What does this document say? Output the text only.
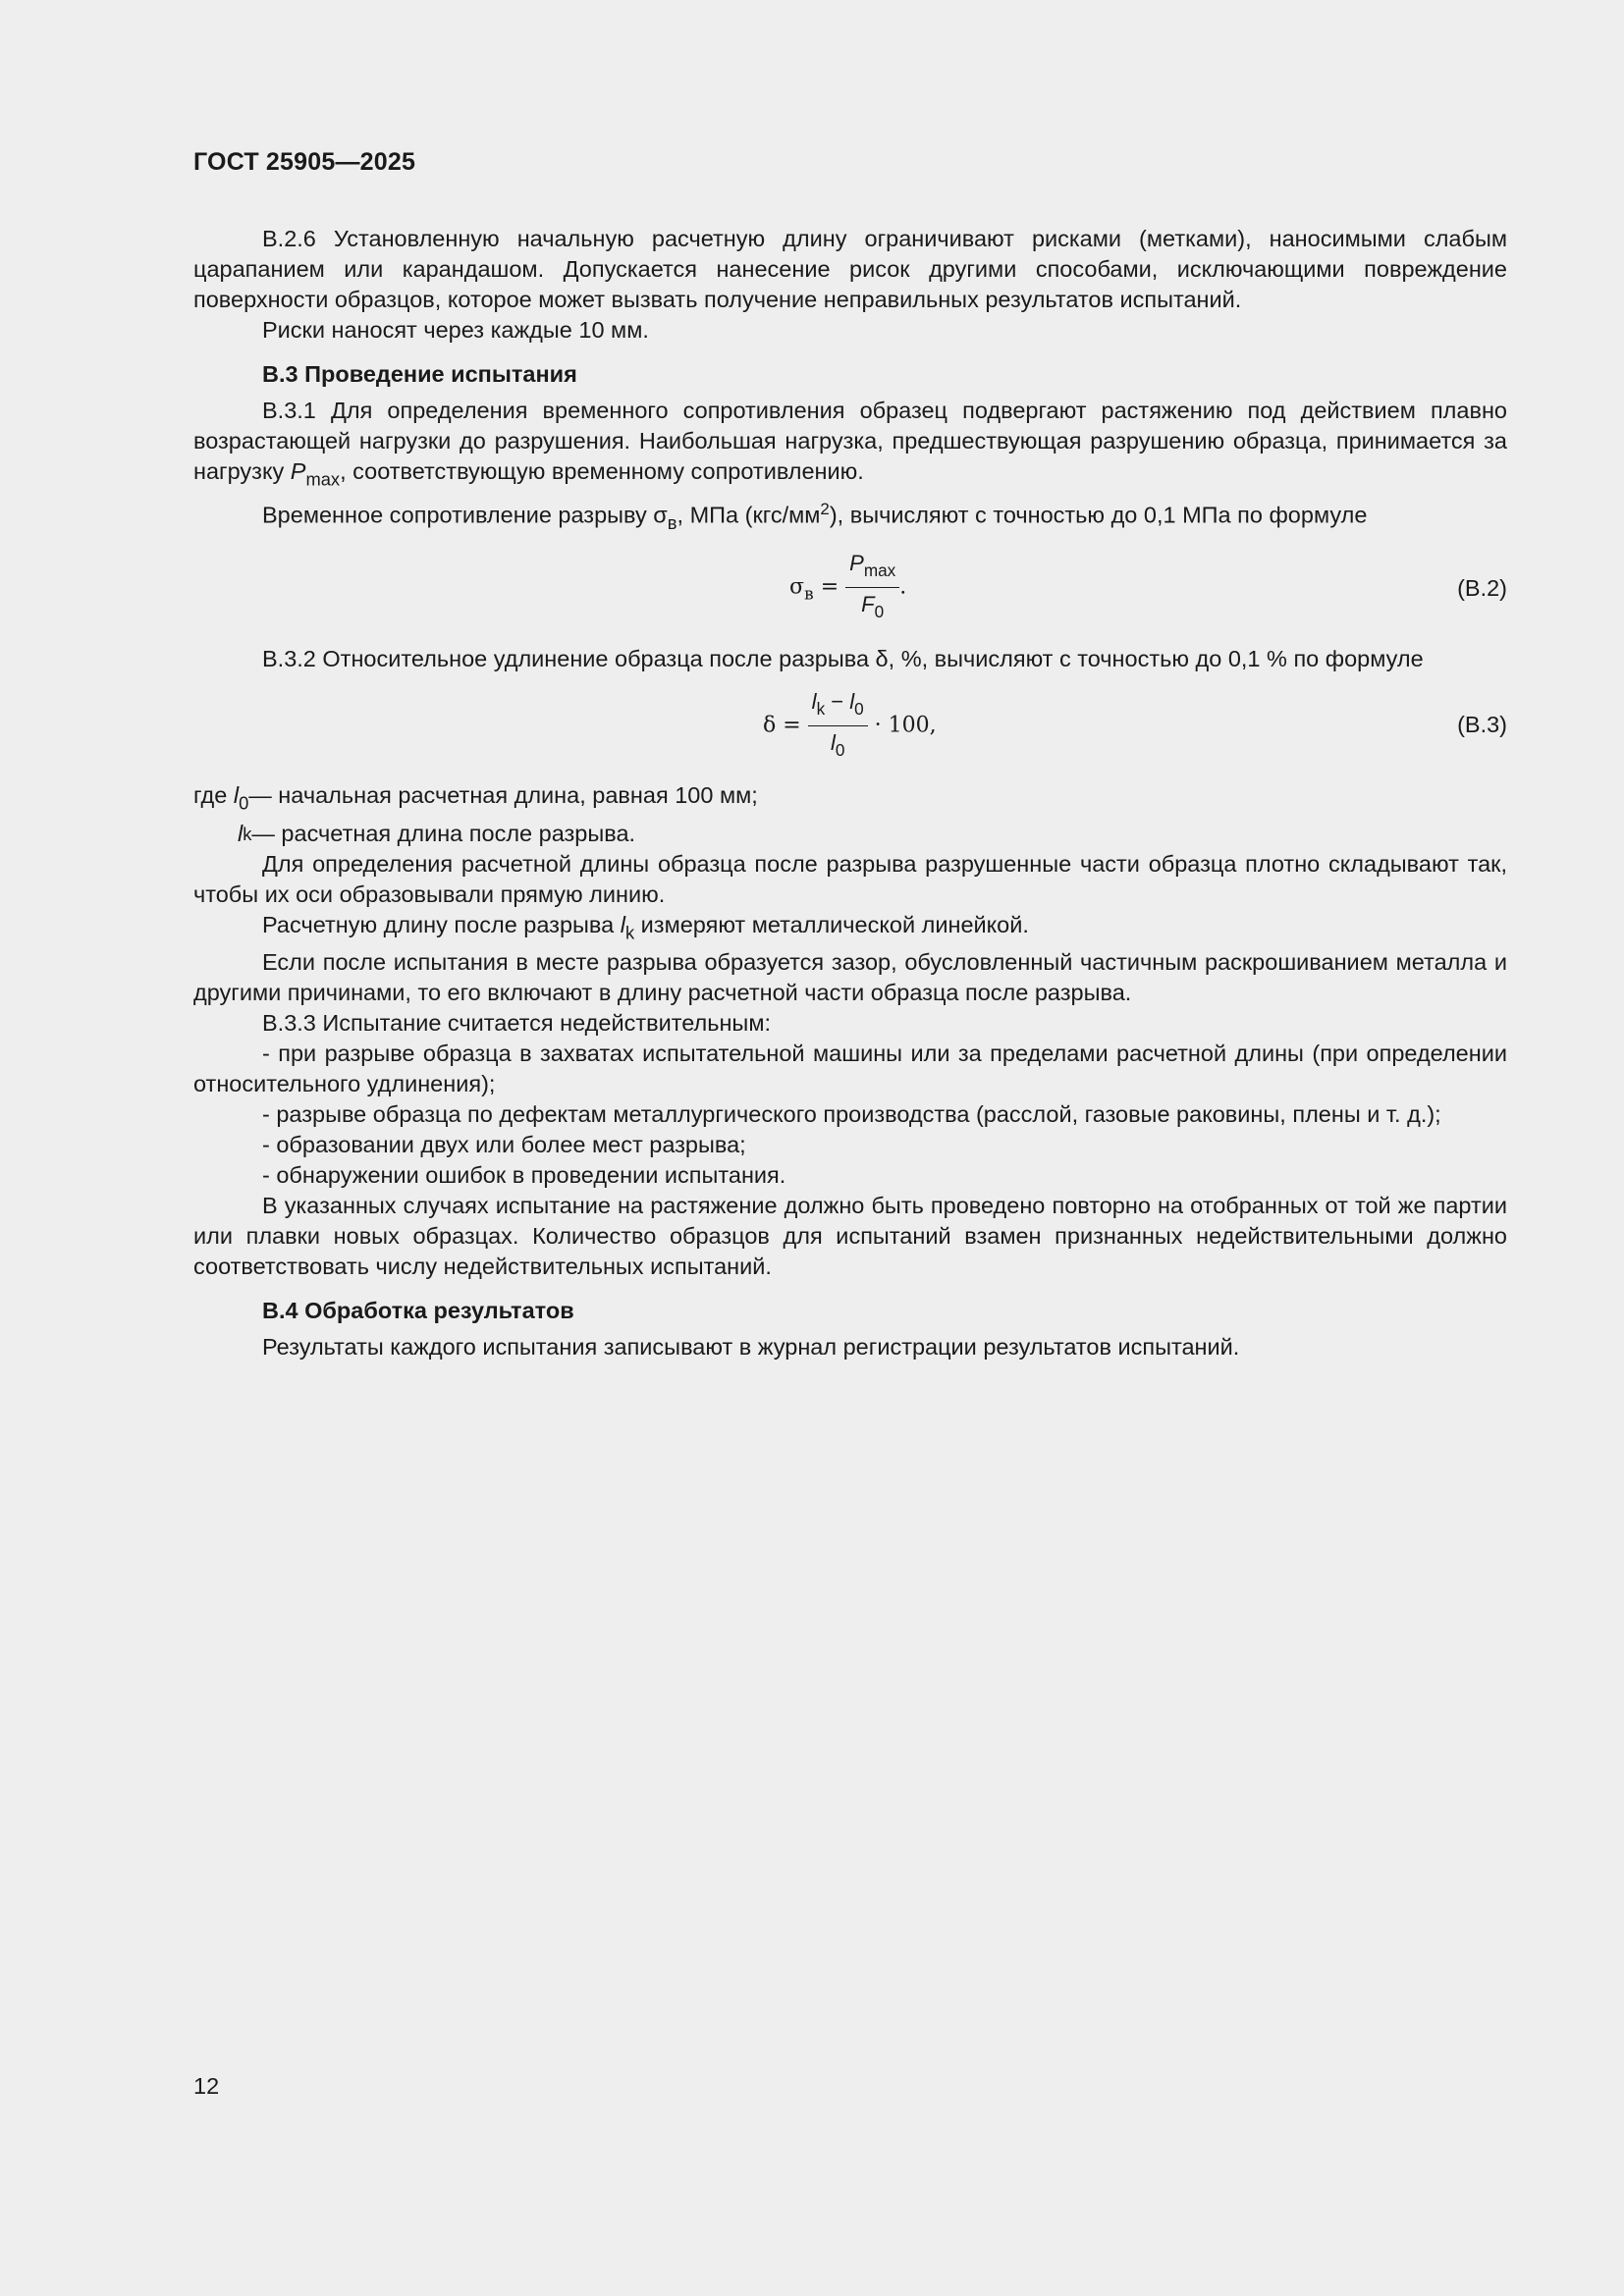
ГОСТ 25905—2025

В.2.6 Установленную начальную расчетную длину ограничивают рисками (метками), наносимыми слабым царапанием или карандашом. Допускается нанесение рисок другими способами, исключающими повреждение поверхности образцов, которое может вызвать получение неправильных результатов испытаний.

Риски наносят через каждые 10 мм.

В.3 Проведение испытания

В.3.1 Для определения временного сопротивления образец подвергают растяжению под действием плавно возрастающей нагрузки до разрушения. Наибольшая нагрузка, предшествующая разрушению образца, принимается за нагрузку $P_{max}$, соответствующую временному сопротивлению.

Временное сопротивление разрыву $\sigma_в$, МПа $(кгс/мм^2)$, вычисляют с точностью до 0,1 МПа по формуле

$\sigma_в = \frac{P_{max}}{F_0}$ .	(В.2)

В.3.2 Относительное удлинение образца после разрыва δ, %, вычисляют с точностью до 0,1 % по формуле

$\delta = \frac{l_k - l_0}{l_0} \cdot 100$,	(В.3)
где $l_0$ — начальная расчетная длина, равная 100 мм;
l k — расчетная длина после разрыва.

Для определения расчетной длины образца после разрыва разрушенные части образца плотно складывают так, чтобы их оси образовывали прямую линию.

Расчетную длину после разрыва $l_k$ измеряют металлической линейкой.

Если после испытания в месте разрыва образуется зазор, обусловленный частичным раскрошиванием металла и другими причинами, то его включают в длину расчетной части образца после разрыва.

В.3.3 Испытание считается недействительным:

- при разрыве образца в захватах испытательной машины или за пределами расчетной длины (при определении относительного удлинения);

- разрыве образца по дефектам металлургического производства (расслой, газовые раковины, плены и т. д.);

- образовании двух или более мест разрыва;

- обнаружении ошибок в проведении испытания.

В указанных случаях испытание на растяжение должно быть проведено повторно на отобранных от той же партии или плавки новых образцах. Количество образцов для испытаний взамен признанных недействительными должно соответствовать числу недействительных испытаний.

В.4 Обработка результатов

Результаты каждого испытания записывают в журнал регистрации результатов испытаний.

12
